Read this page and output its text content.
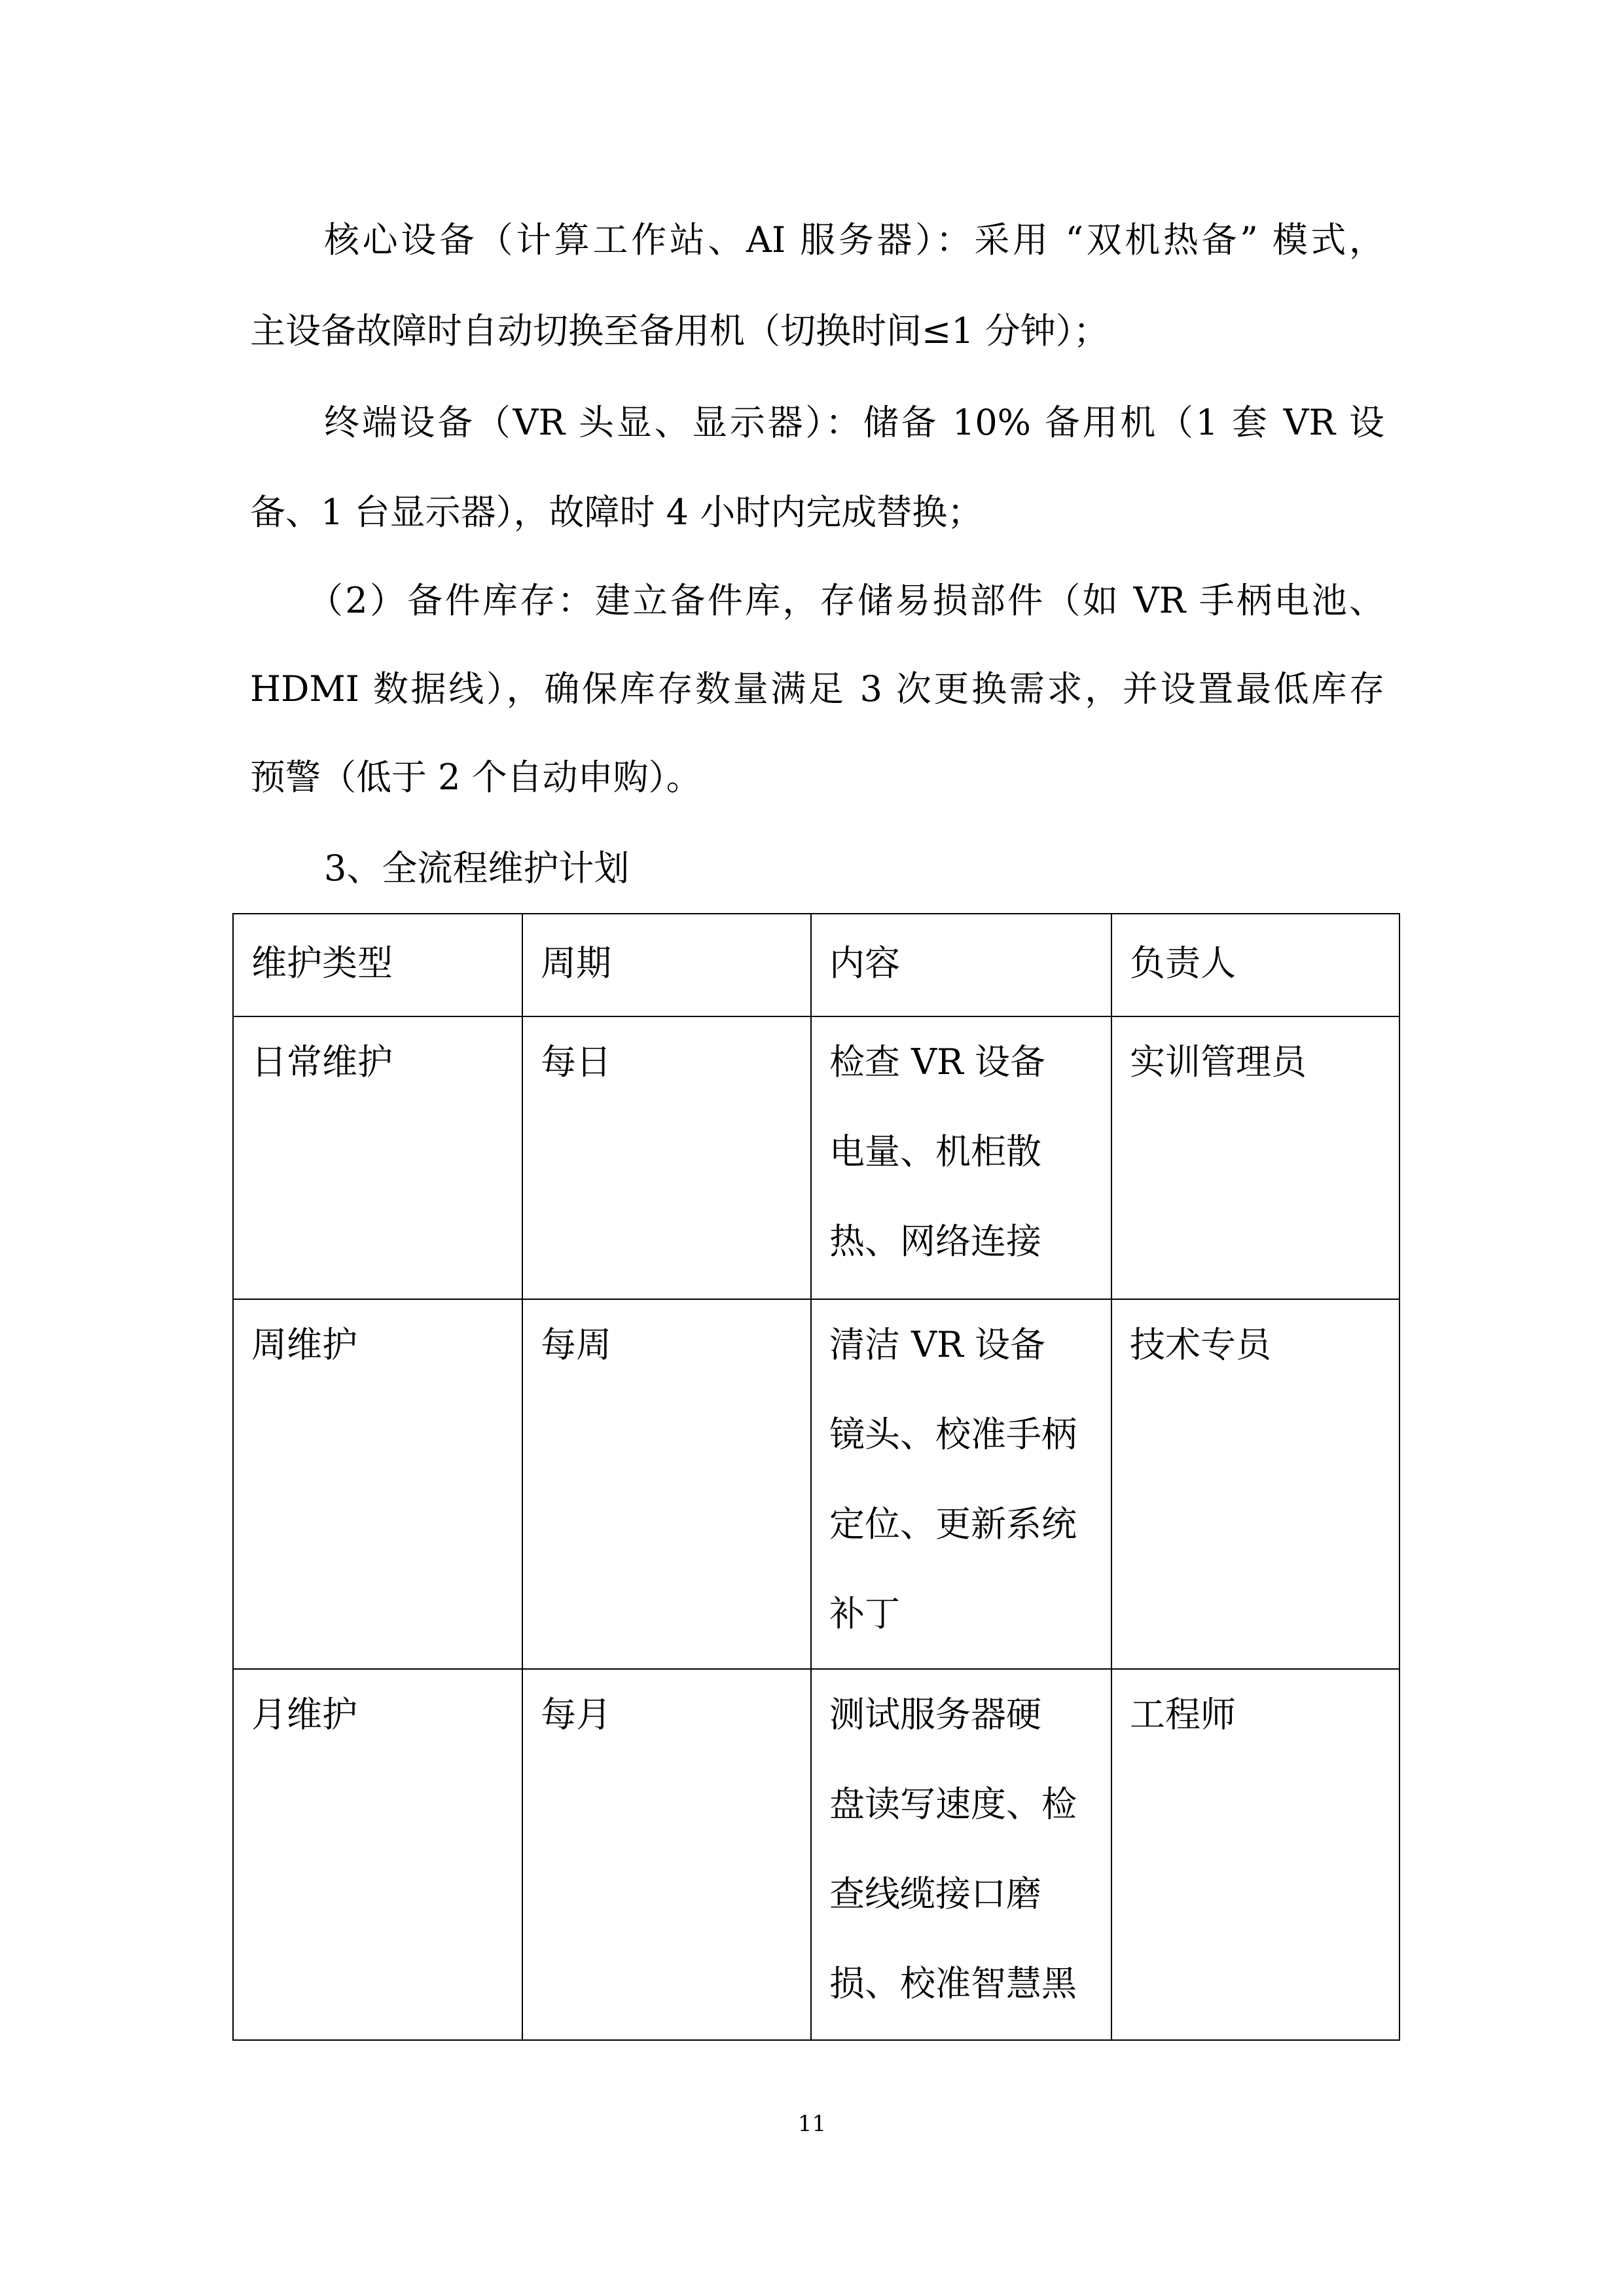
核心设备（计算工作站、AI 服务器）：采用 “双机热备” 模式，
主设备故障时自动切换至备用机（切换时间≤1 分钟）；
终端设备（VR 头显、显示器）：储备 10% 备用机（1 套 VR 设
备、1 台显示器），故障时 4 小时内完成替换；
（2）备件库存：建立备件库，存储易损部件（如 VR 手柄电池、
HDMI 数据线），确保库存数量满足 3 次更换需求，并设置最低库存
预警（低于 2 个自动申购）。
3、全流程维护计划
维护类型	周期	内容	负责人
日常维护	每日	检查 VR 设备
电量、机柜散
热、网络连接	实训管理员
周维护	每周	清洁 VR 设备
镜头、校准手柄
定位、更新系统
补丁	技术专员
月维护	每月	测试服务器硬
盘读写速度、检
查线缆接口磨
损、校准智慧黑	工程师
11
